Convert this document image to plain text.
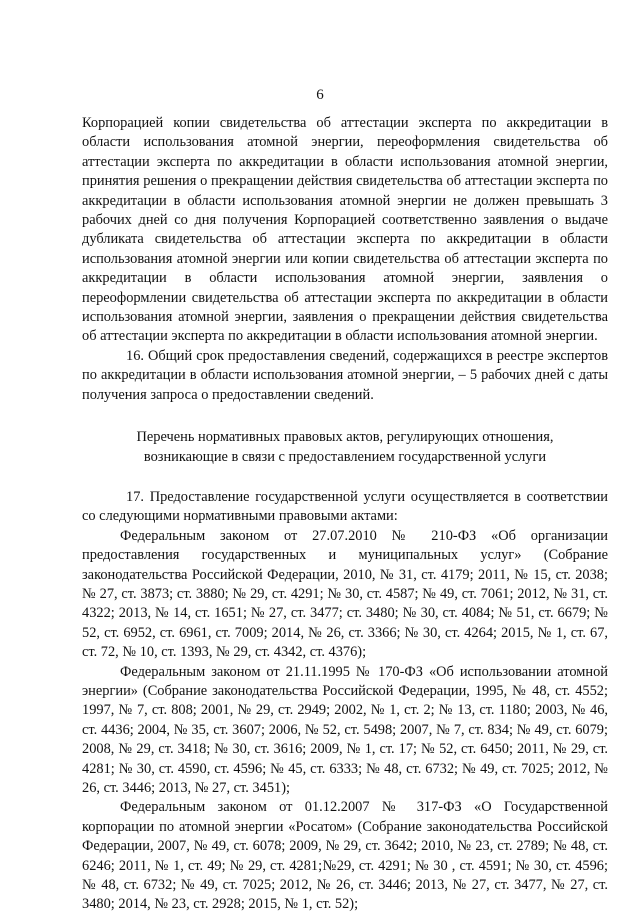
6

Корпорацией копии свидетельства об аттестации эксперта по аккредитации в области использования атомной энергии, переоформления свидетельства об аттестации эксперта по аккредитации в области использования атомной энергии, принятия решения о прекращении действия свидетельства об аттестации эксперта по аккредитации в области использования атомной энергии не должен превышать 3 рабочих дней со дня получения Корпорацией соответственно заявления о выдаче дубликата свидетельства об аттестации эксперта по аккредитации в области использования атомной энергии или копии свидетельства об аттестации эксперта по аккредитации в области использования атомной энергии, заявления о переоформлении свидетельства об аттестации эксперта по аккредитации в области использования атомной энергии, заявления о прекращении действия свидетельства об аттестации эксперта по аккредитации в области использования атомной энергии.

16. Общий срок предоставления сведений, содержащихся в реестре экспертов по аккредитации в области использования атомной энергии, – 5 рабочих дней с даты получения запроса о предоставлении сведений.

Перечень нормативных правовых актов, регулирующих отношения,
возникающие в связи с предоставлением государственной услуги

17. Предоставление государственной услуги осуществляется в соответствии со следующими нормативными правовыми актами:

Федеральным законом от 27.07.2010 № 210-ФЗ «Об организации предоставления государственных и муниципальных услуг» (Собрание законодательства Российской Федерации, 2010, № 31, ст. 4179; 2011, № 15, ст. 2038; № 27, ст. 3873; ст. 3880; № 29, ст. 4291; № 30, ст. 4587; № 49, ст. 7061; 2012, № 31, ст. 4322; 2013, № 14, ст. 1651; № 27, ст. 3477; ст. 3480; № 30, ст. 4084; № 51, ст. 6679; № 52, ст. 6952, ст. 6961, ст. 7009; 2014, № 26, ст. 3366; № 30, ст. 4264; 2015, № 1, ст. 67, ст. 72, № 10, ст. 1393, № 29, ст. 4342, ст. 4376);

Федеральным законом от 21.11.1995 № 170-ФЗ «Об использовании атомной энергии» (Собрание законодательства Российской Федерации, 1995, № 48, ст. 4552; 1997, № 7, ст. 808; 2001, № 29, ст. 2949; 2002, № 1, ст. 2; № 13, ст. 1180; 2003, № 46, ст. 4436; 2004, № 35, ст. 3607; 2006, № 52, ст. 5498; 2007, № 7, ст. 834; № 49, ст. 6079; 2008, № 29, ст. 3418; № 30, ст. 3616; 2009, № 1, ст. 17; № 52, ст. 6450; 2011, № 29, ст. 4281; № 30, ст. 4590, ст. 4596; № 45, ст. 6333; № 48, ст. 6732; № 49, ст. 7025; 2012, № 26, ст. 3446; 2013, № 27, ст. 3451);

Федеральным законом от 01.12.2007 № 317-ФЗ «О Государственной корпорации по атомной энергии «Росатом» (Собрание законодательства Российской Федерации, 2007, № 49, ст. 6078; 2009, № 29, ст. 3642; 2010, № 23, ст. 2789; № 48, ст. 6246; 2011, № 1, ст. 49; № 29, ст. 4281;№29, ст. 4291; № 30 , ст. 4591; № 30, ст. 4596; № 48, ст. 6732; № 49, ст. 7025; 2012, № 26, ст. 3446; 2013, № 27, ст. 3477, № 27, ст. 3480; 2014, № 23, ст. 2928; 2015, № 1, ст. 52);
